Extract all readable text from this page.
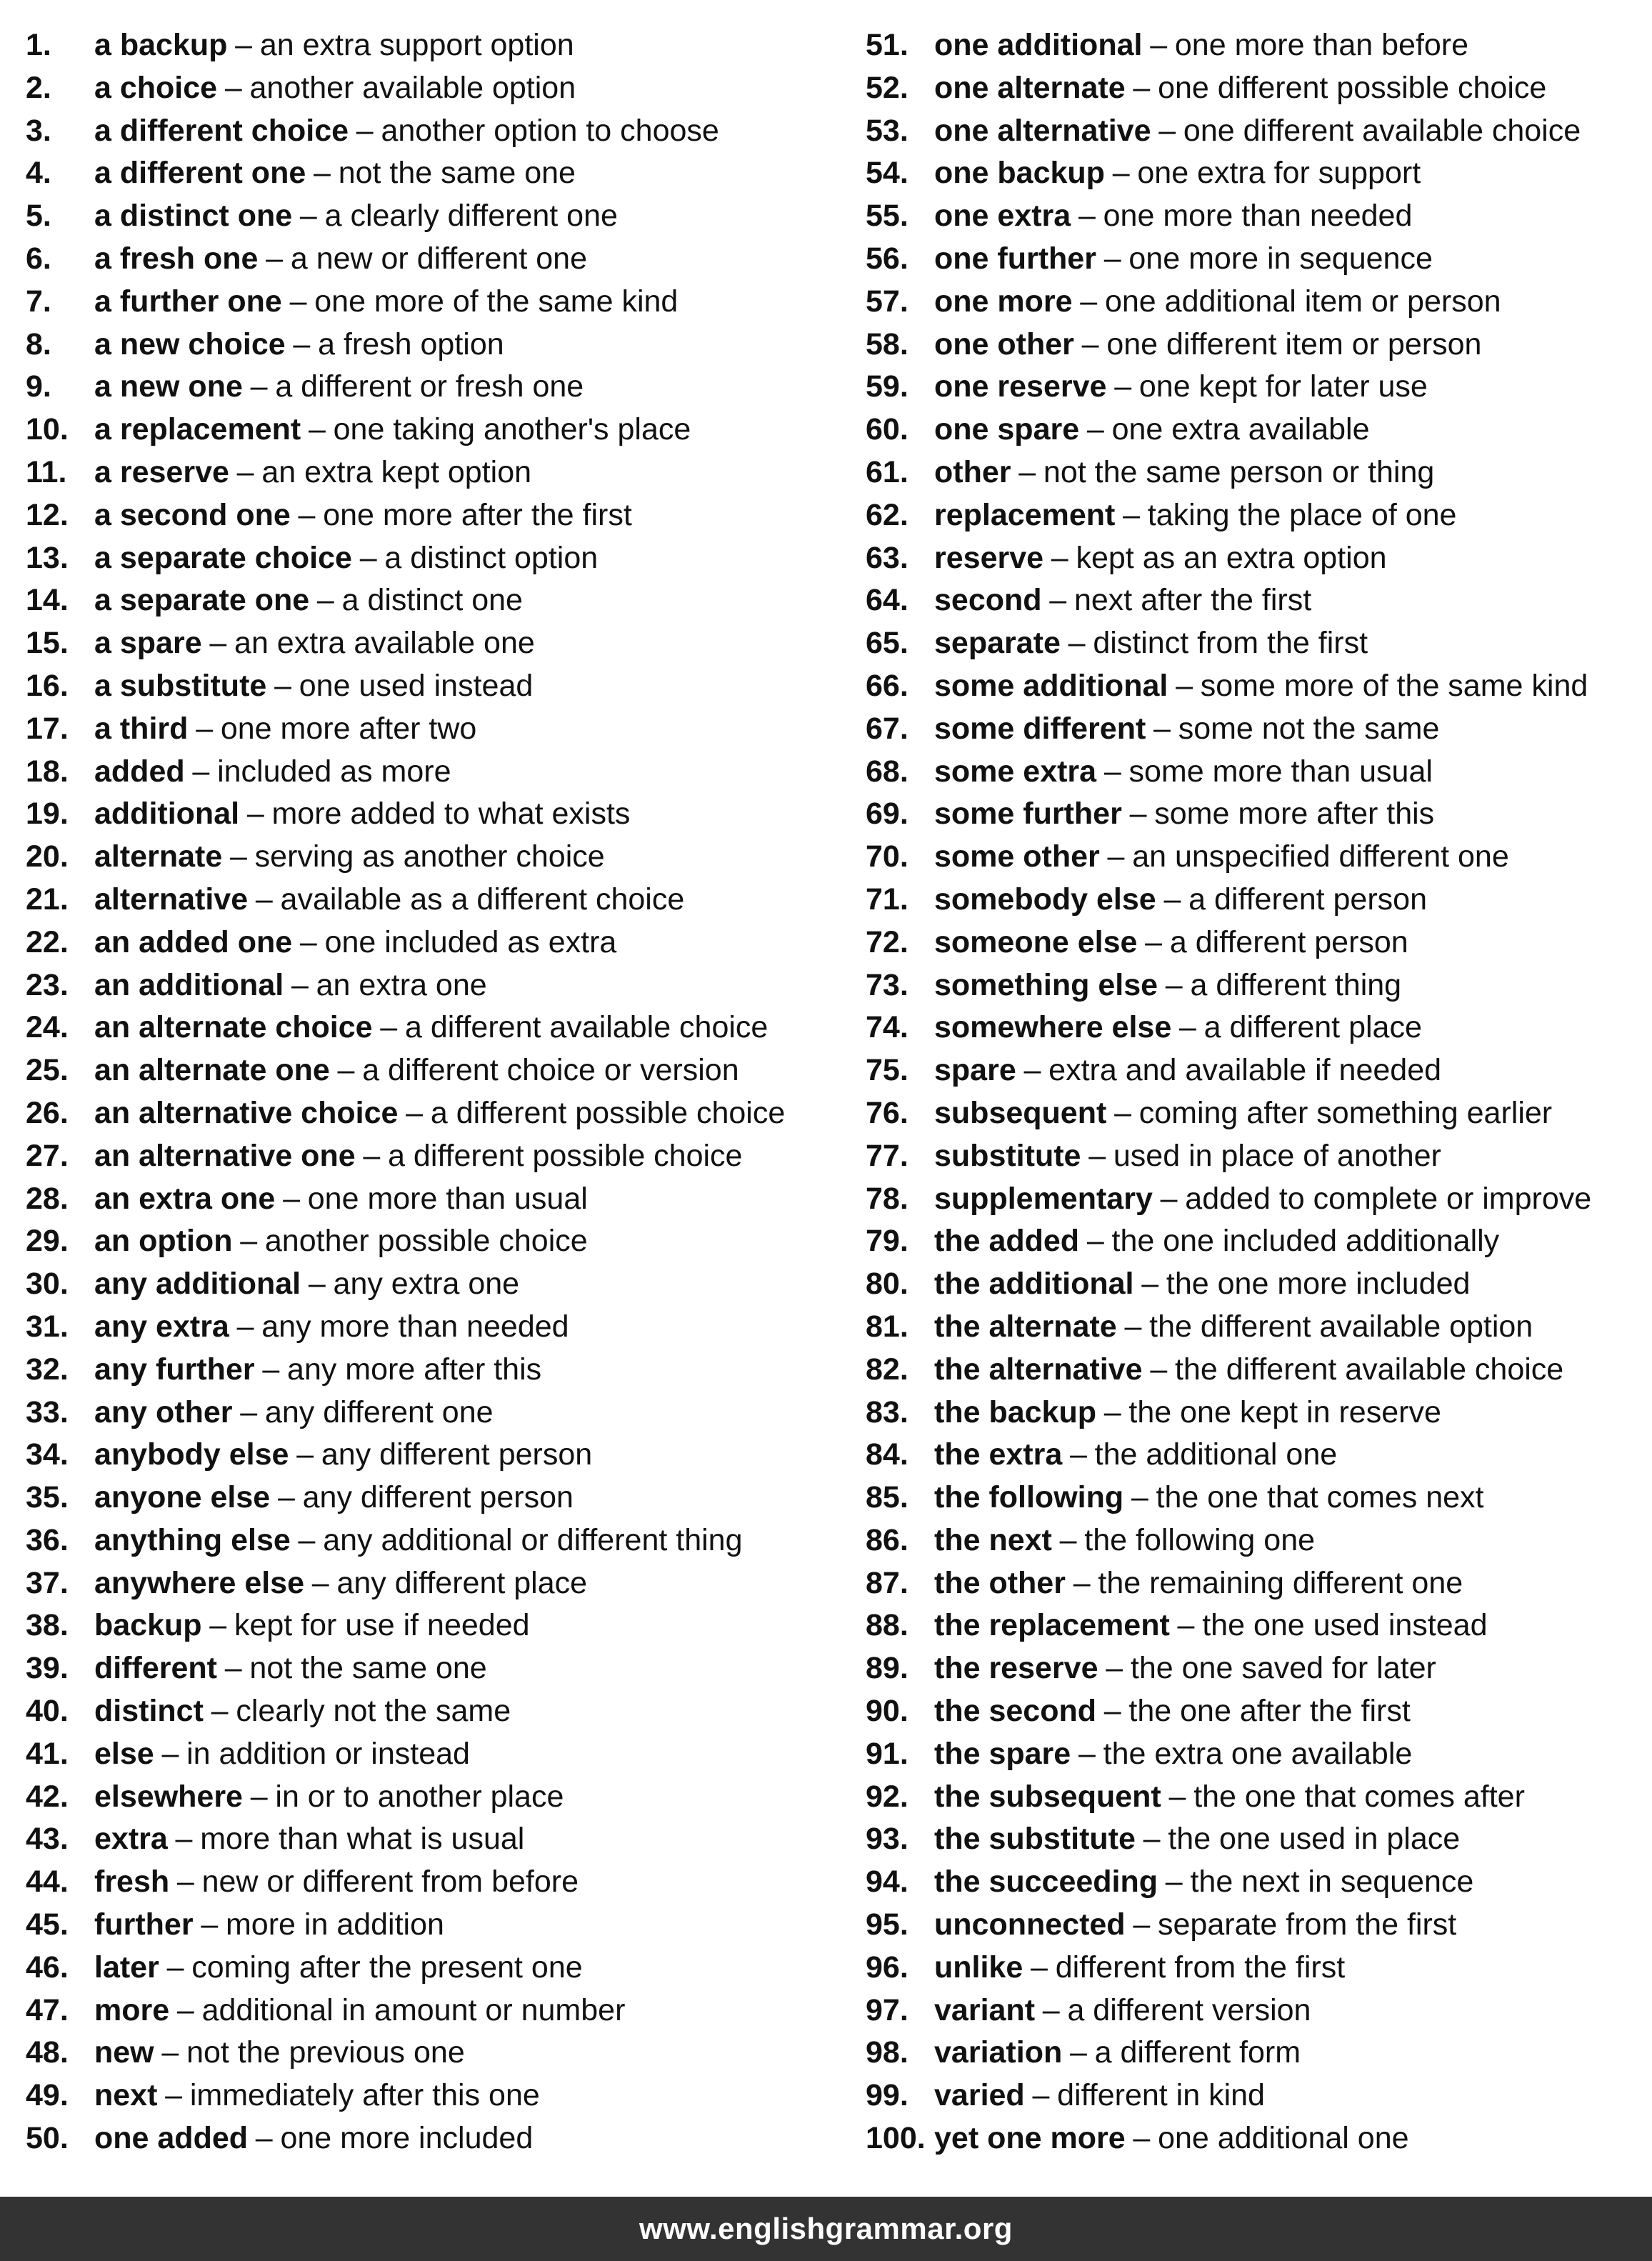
1.	a backup – an extra support option
2.	a choice – another available option
3.	a different choice – another option to choose
4.	a different one – not the same one
5.	a distinct one – a clearly different one
6.	a fresh one – a new or different one
7.	a further one – one more of the same kind
8.	a new choice – a fresh option
9.	a new one – a different or fresh one
10. a replacement – one taking another's place
11. a reserve – an extra kept option
12. a second one – one more after the first
13. a separate choice – a distinct option
14. a separate one – a distinct one
15. a spare – an extra available one
16. a substitute – one used instead
17. a third – one more after two
18. added – included as more
19. additional – more added to what exists
20. alternate – serving as another choice
21. alternative – available as a different choice
22. an added one – one included as extra
23. an additional – an extra one
24. an alternate choice – a different available choice
25. an alternate one – a different choice or version
26. an alternative choice – a different possible choice
27. an alternative one – a different possible choice
28. an extra one – one more than usual
29. an option – another possible choice
30. any additional – any extra one
31. any extra – any more than needed
32. any further – any more after this
33. any other – any different one
34. anybody else – any different person
35. anyone else – any different person
36. anything else – any additional or different thing
37. anywhere else – any different place
38. backup – kept for use if needed
39. different – not the same one
40. distinct – clearly not the same
41. else – in addition or instead
42. elsewhere – in or to another place
43. extra – more than what is usual
44. fresh – new or different from before
45. further – more in addition
46. later – coming after the present one
47. more – additional in amount or number
48. new – not the previous one
49. next – immediately after this one
50. one added – one more included
51. one additional – one more than before
52. one alternate – one different possible choice
53. one alternative – one different available choice
54. one backup – one extra for support
55. one extra – one more than needed
56. one further – one more in sequence
57. one more – one additional item or person
58. one other – one different item or person
59. one reserve – one kept for later use
60. one spare – one extra available
61. other – not the same person or thing
62. replacement – taking the place of one
63. reserve – kept as an extra option
64. second – next after the first
65. separate – distinct from the first
66. some additional – some more of the same kind
67. some different – some not the same
68. some extra – some more than usual
69. some further – some more after this
70. some other – an unspecified different one
71. somebody else – a different person
72. someone else – a different person
73. something else – a different thing
74. somewhere else – a different place
75. spare – extra and available if needed
76. subsequent – coming after something earlier
77. substitute – used in place of another
78. supplementary – added to complete or improve
79. the added – the one included additionally
80. the additional – the one more included
81. the alternate – the different available option
82. the alternative – the different available choice
83. the backup – the one kept in reserve
84. the extra – the additional one
85. the following – the one that comes next
86. the next – the following one
87. the other – the remaining different one
88. the replacement – the one used instead
89. the reserve – the one saved for later
90. the second – the one after the first
91. the spare – the extra one available
92. the subsequent – the one that comes after
93. the substitute – the one used in place
94. the succeeding – the next in sequence
95. unconnected – separate from the first
96. unlike – different from the first
97. variant – a different version
98. variation – a different form
99. varied – different in kind
100. yet one more – one additional one
www.englishgrammar.org
